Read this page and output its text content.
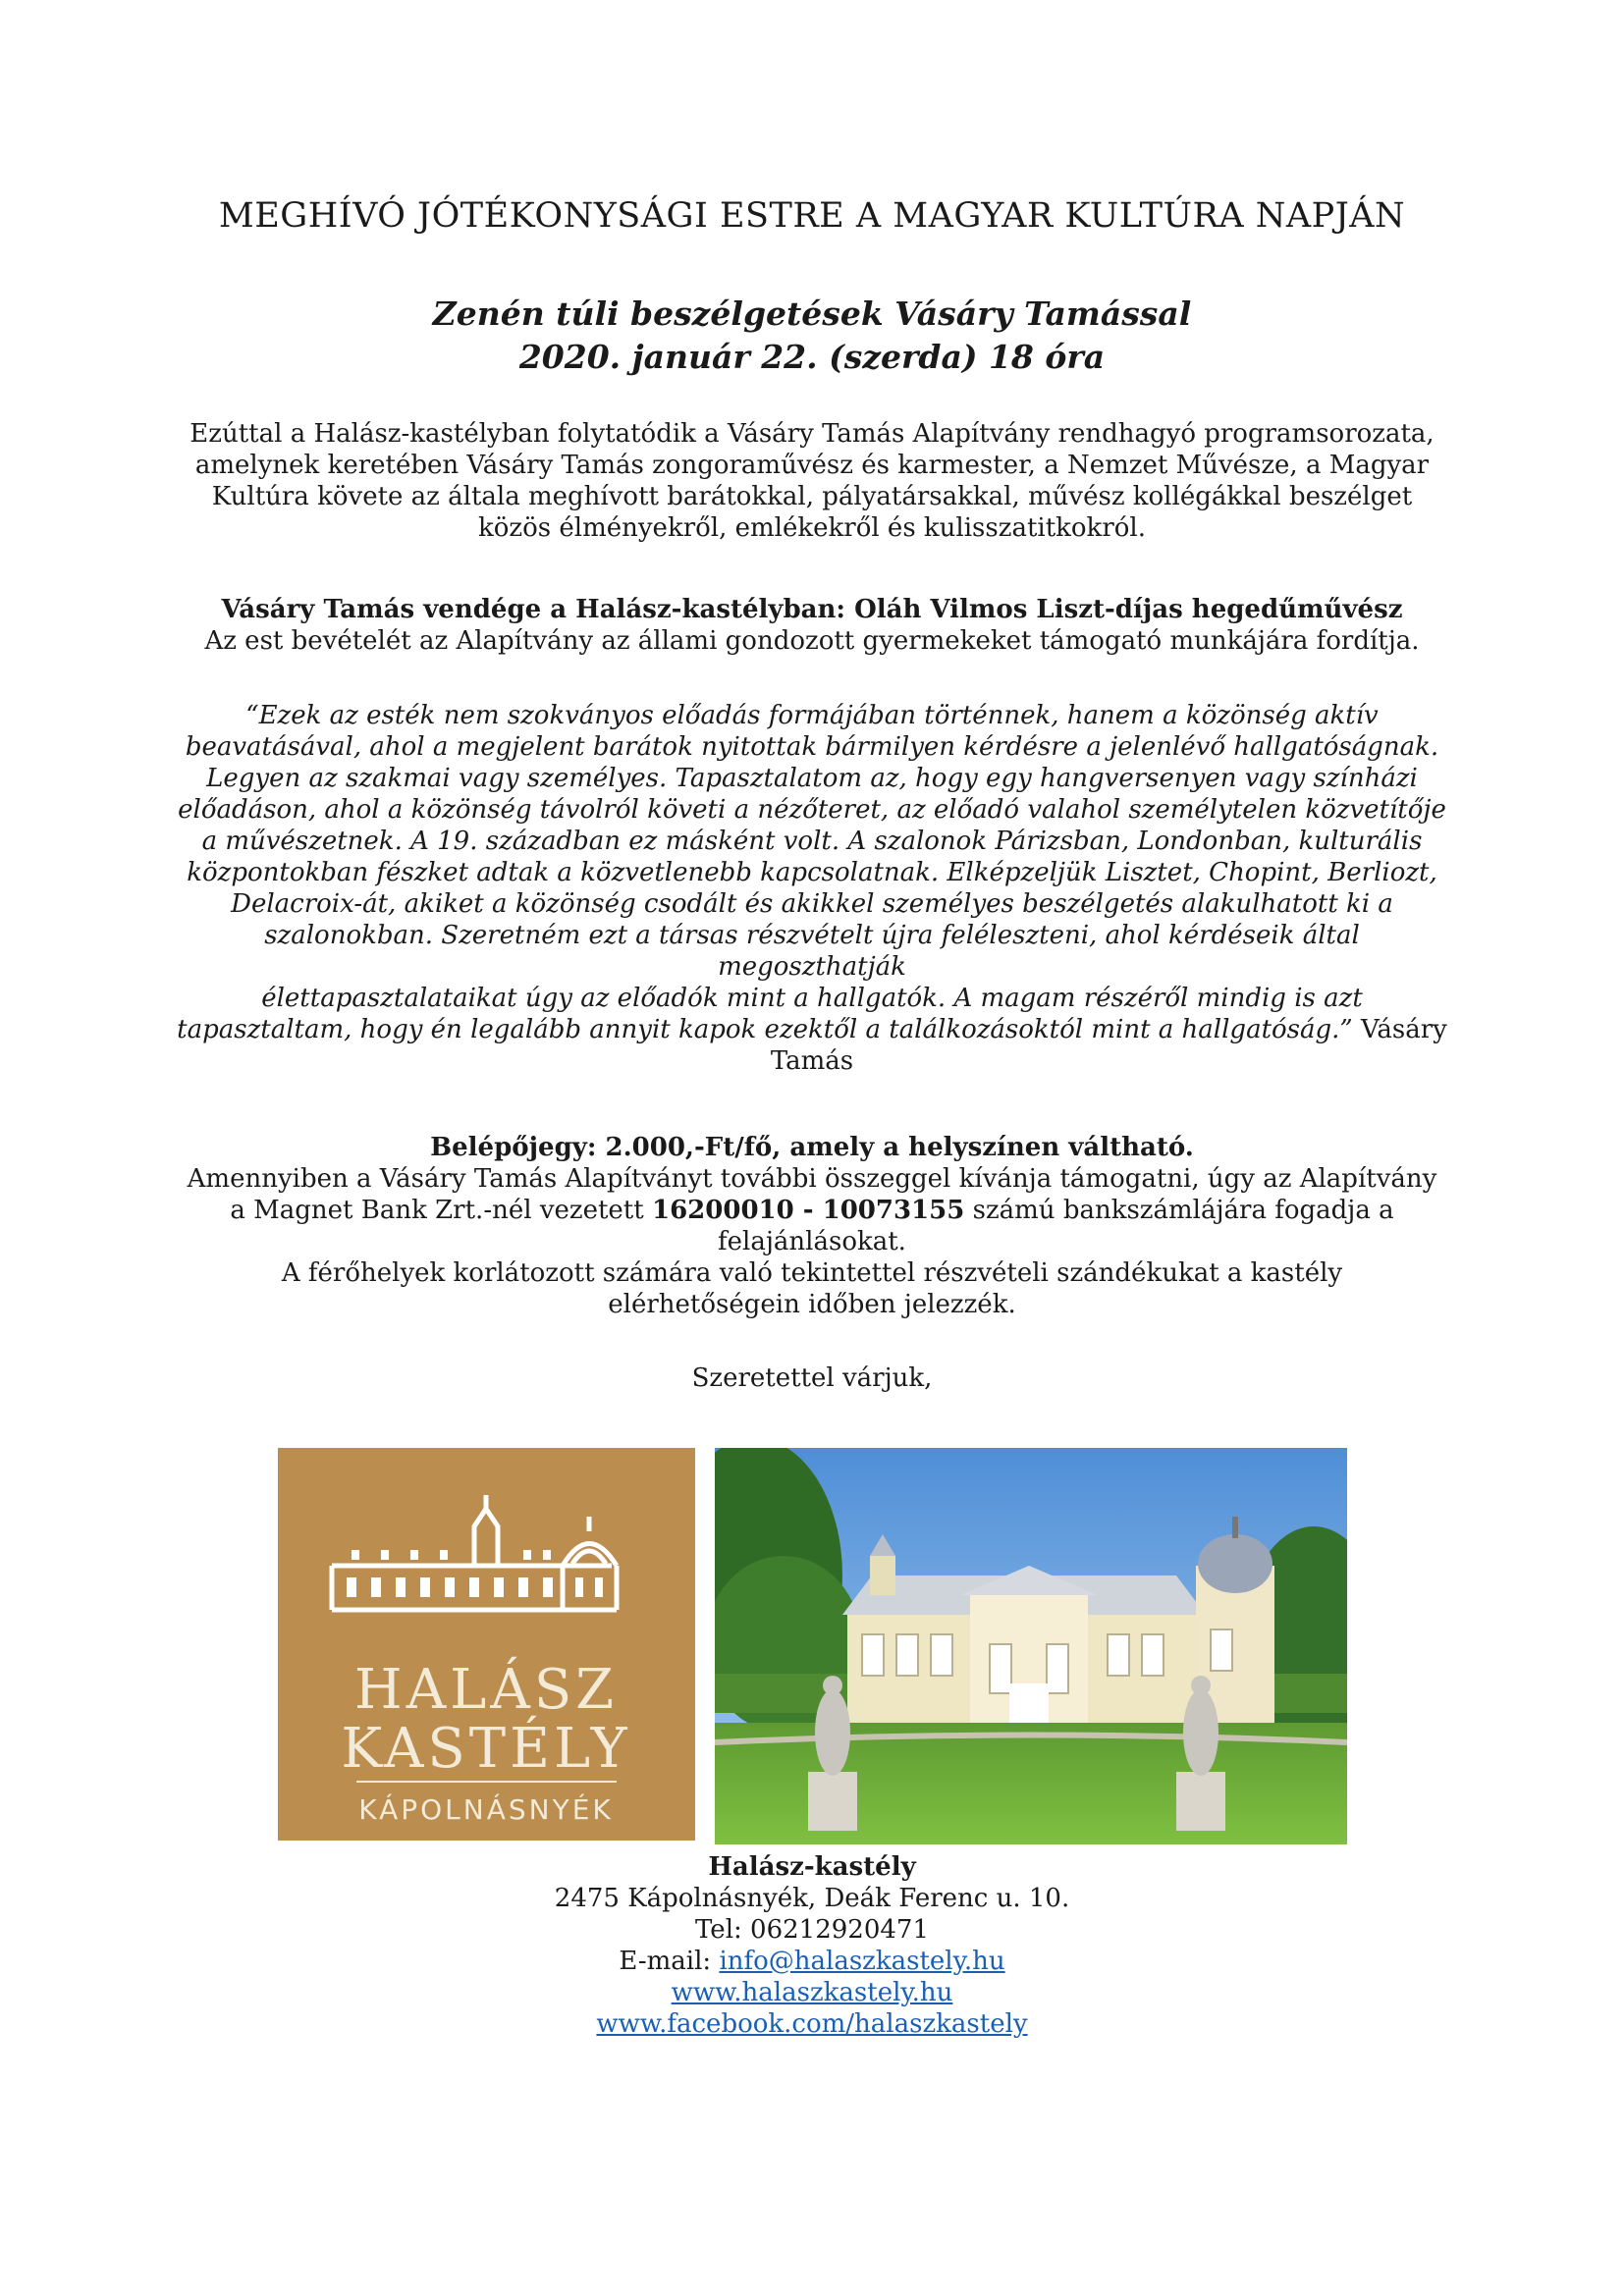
MEGHÍVÓ JÓTÉKONYSÁGI ESTRE A MAGYAR KULTÚRA NAPJÁN
Zenén túli beszélgetések Vásáry Tamással
2020. január 22. (szerda) 18 óra
Ezúttal a Halász-kastélyban folytatódik a Vásáry Tamás Alapítvány rendhagyó programsorozata,
amelynek keretében Vásáry Tamás zongoraművész és karmester, a Nemzet Művésze, a Magyar
Kultúra követe az általa meghívott barátokkal, pályatársakkal, művész kollégákkal beszélget
közös élményekről, emlékekről és kulisszatitkokról.
Vásáry Tamás vendége a Halász-kastélyban: Oláh Vilmos Liszt-díjas hegedűművész
Az est bevételét az Alapítvány az állami gondozott gyermekeket támogató munkájára fordítja.
“Ezek az esték nem szokványos előadás formájában történnek, hanem a közönség aktív
beavatásával, ahol a megjelent barátok nyitottak bármilyen kérdésre a jelenlévő hallgatóságnak.
Legyen az szakmai vagy személyes. Tapasztalatom az, hogy egy hangversenyen vagy színházi
előadáson, ahol a közönség távolról követi a nézőteret, az előadó valahol személytelen közvetítője
a művészetnek. A 19. században ez másként volt. A szalonok Párizsban, Londonban, kulturális
központokban fészket adtak a közvetlenebb kapcsolatnak. Elképzeljük Lisztet, Chopint, Berliozt,
Delacroix-át, akiket a közönség csodált és akikkel személyes beszélgetés alakulhatott ki a
szalonokban. Szeretném ezt a társas részvételt újra feléleszteni, ahol kérdéseik által megoszthatják
élettapasztalataikat úgy az előadók mint a hallgatók. A magam részéről mindig is azt
tapasztaltam, hogy én legalább annyit kapok ezektől a találkozásoktól mint a hallgatóság.” Vásáry
Tamás
Belépőjegy: 2.000,-Ft/fő, amely a helyszínen váltható.
Amennyiben a Vásáry Tamás Alapítványt további összeggel kívánja támogatni, úgy az Alapítvány
a Magnet Bank Zrt.-nél vezetett 16200010 - 10073155 számú bankszámlájára fogadja a
felajánlásokat.
A férőhelyek korlátozott számára való tekintettel részvételi szándékukat a kastély
elérhetőségein időben jelezzék.
Szeretettel várjuk,
HALÁSZ
KASTÉLY
KÁPOLNÁSNYÉK
Halász-kastély
2475 Kápolnásnyék, Deák Ferenc u. 10.
Tel: 06212920471
E-mail: info@halaszkastely.hu
www.halaszkastely.hu
www.facebook.com/halaszkastely
